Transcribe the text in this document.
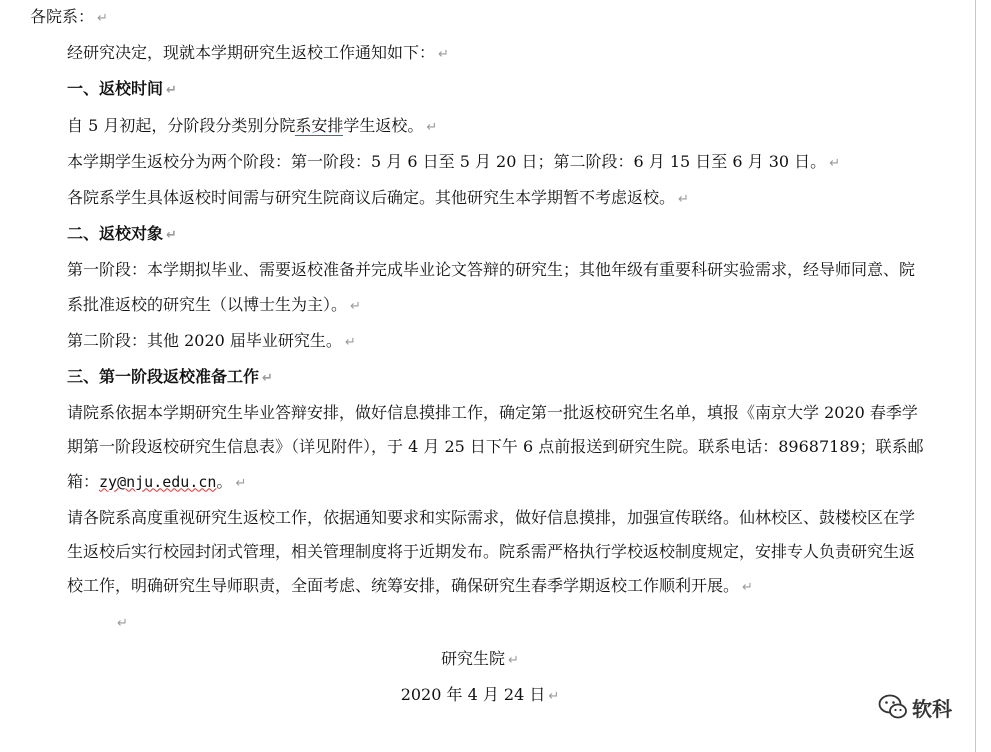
各院系： ↵
经研究决定，现就本学期研究生返校工作通知如下： ↵
一、返校时间 ↵
自 5 月初起，分阶段分类别分院系安排学生返校。 ↵
本学期学生返校分为两个阶段：第一阶段：5 月 6 日至 5 月 20 日；第二阶段：6 月 15 日至 6 月 30 日。 ↵
各院系学生具体返校时间需与研究生院商议后确定。其他研究生本学期暂不考虑返校。 ↵
二、返校对象 ↵
第一阶段：本学期拟毕业、需要返校准备并完成毕业论文答辩的研究生；其他年级有重要科研实验需求，经导师同意、院系批准返校的研究生（以博士生为主）。 ↵
第二阶段：其他 2020 届毕业研究生。 ↵
三、第一阶段返校准备工作 ↵
请院系依据本学期研究生毕业答辩安排，做好信息摸排工作，确定第一批返校研究生名单，填报《南京大学 2020 春季学期第一阶段返校研究生信息表》（详见附件），于 4 月 25 日下午 6 点前报送到研究生院。联系电话：89687189；联系邮箱：zy@nju.edu.cn。 ↵
请各院系高度重视研究生返校工作，依据通知要求和实际需求，做好信息摸排，加强宣传联络。仙林校区、鼓楼校区在学生返校后实行校园封闭式管理，相关管理制度将于近期发布。院系需严格执行学校返校制度规定，安排专人负责研究生返校工作，明确研究生导师职责，全面考虑、统筹安排，确保研究生春季学期返校工作顺利开展。 ↵
↵
研究生院 ↵
2020 年 4 月 24 日 ↵
软科
